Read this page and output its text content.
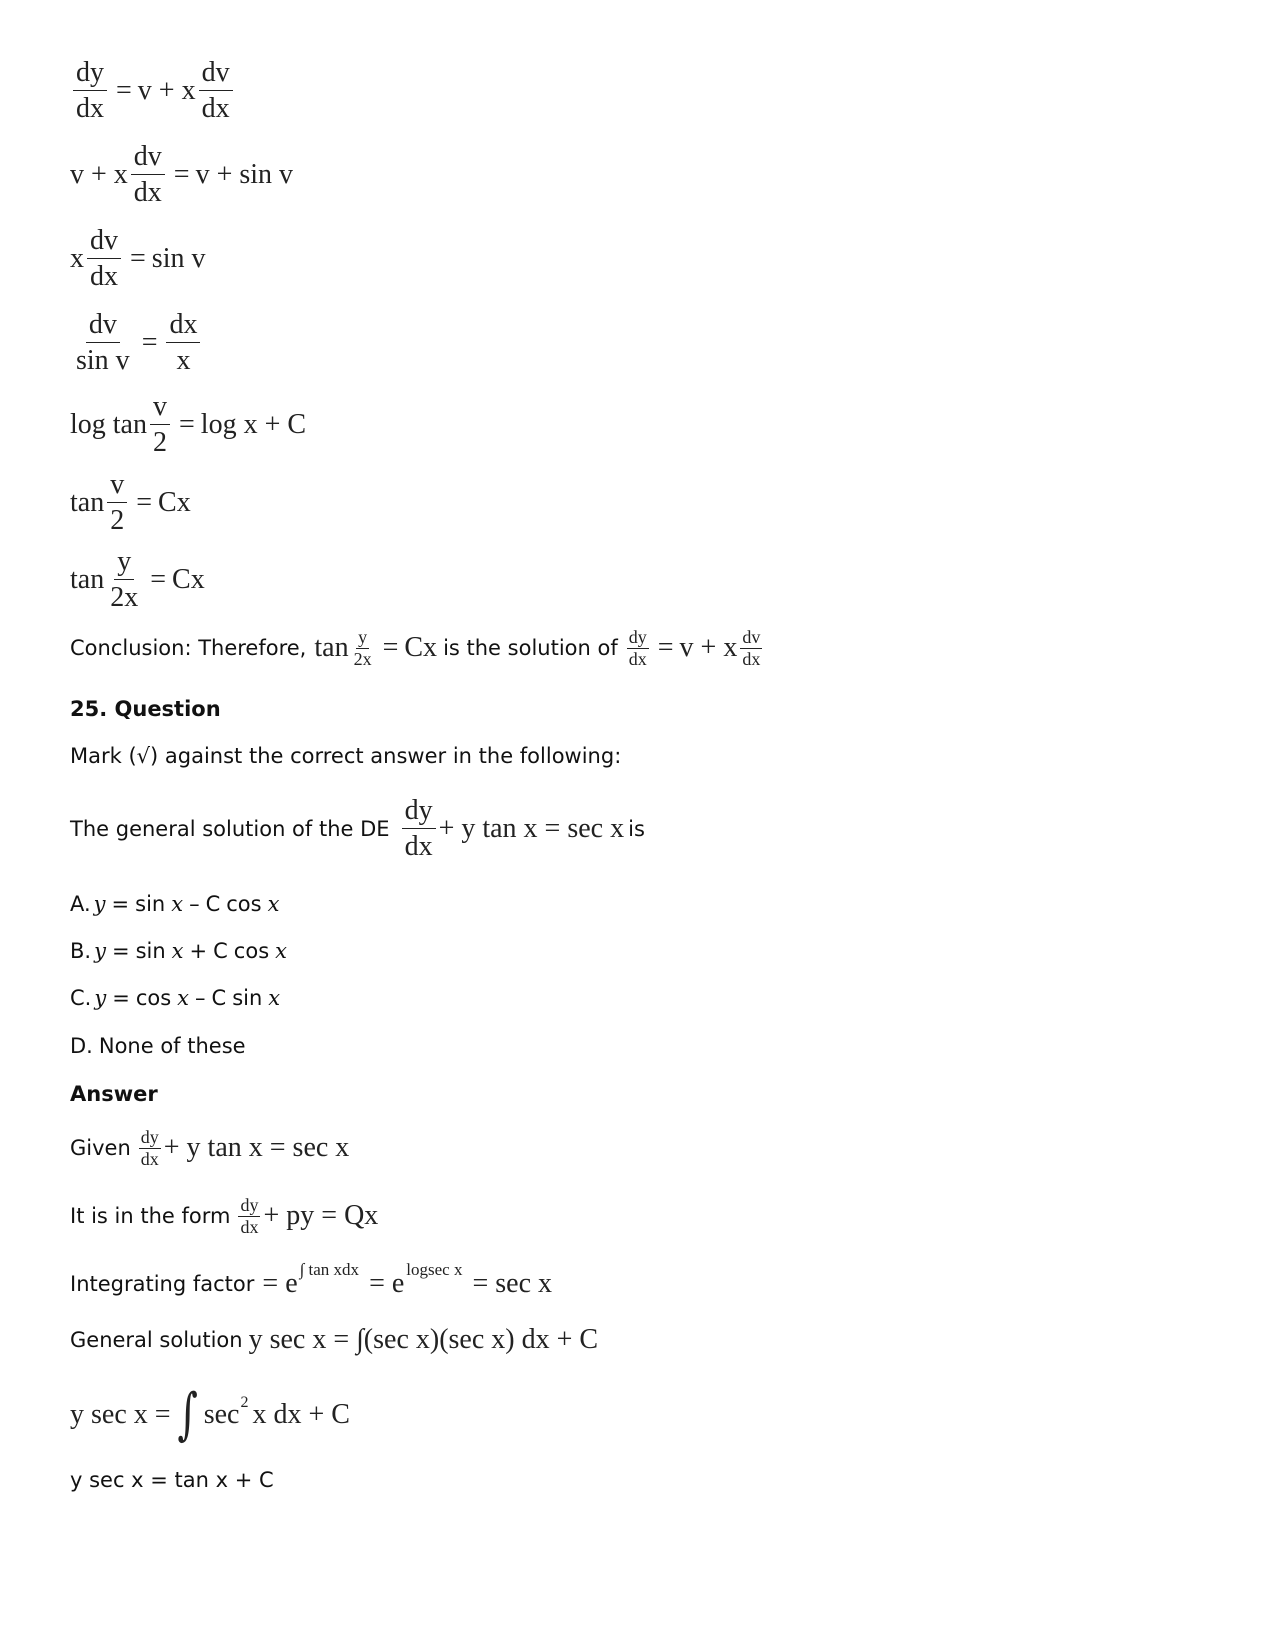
$\frac{dy}{dx} = v + x \frac{dv}{dx}$
v + x $\frac{dv}{dx} = v + \sin v$
x $\frac{dv}{dx} = \sin v$
$\frac{dv}{\text{sin v}} = \frac{dx}{x}$
$\log \tan \frac{v}{2} = \log x + C$
$\tan \frac{v}{2} = Cx$
$\tan \frac{y}{2x} = Cx$
Conclusion: Therefore, $\tan \frac{y}{2x} = Cx$ is the solution of $\frac{dy}{dx} = v + x \frac{dv}{dx}$
25. Question
Mark (√) against the correct answer in the following:
The general solution of the DE $\frac{dy}{dx} + y$ tan x = sec x is
A. y = sin x – C cos x
B. y = sin x + C cos x
C. y = cos x – C sin x
D. None of these
Answer
Given $\frac{dy}{dx} + y$ tan x = sec x
It is in the form $\frac{dy}{dx}$ + py = Qx
Integrating factor = e ∫ tan xdx = e logsec x = sec x
General solution y sec x = ∫(sec x)(sec x) dx + C
y sec x = ∫ sec 2 x dx + C
y sec x = tan x + C
